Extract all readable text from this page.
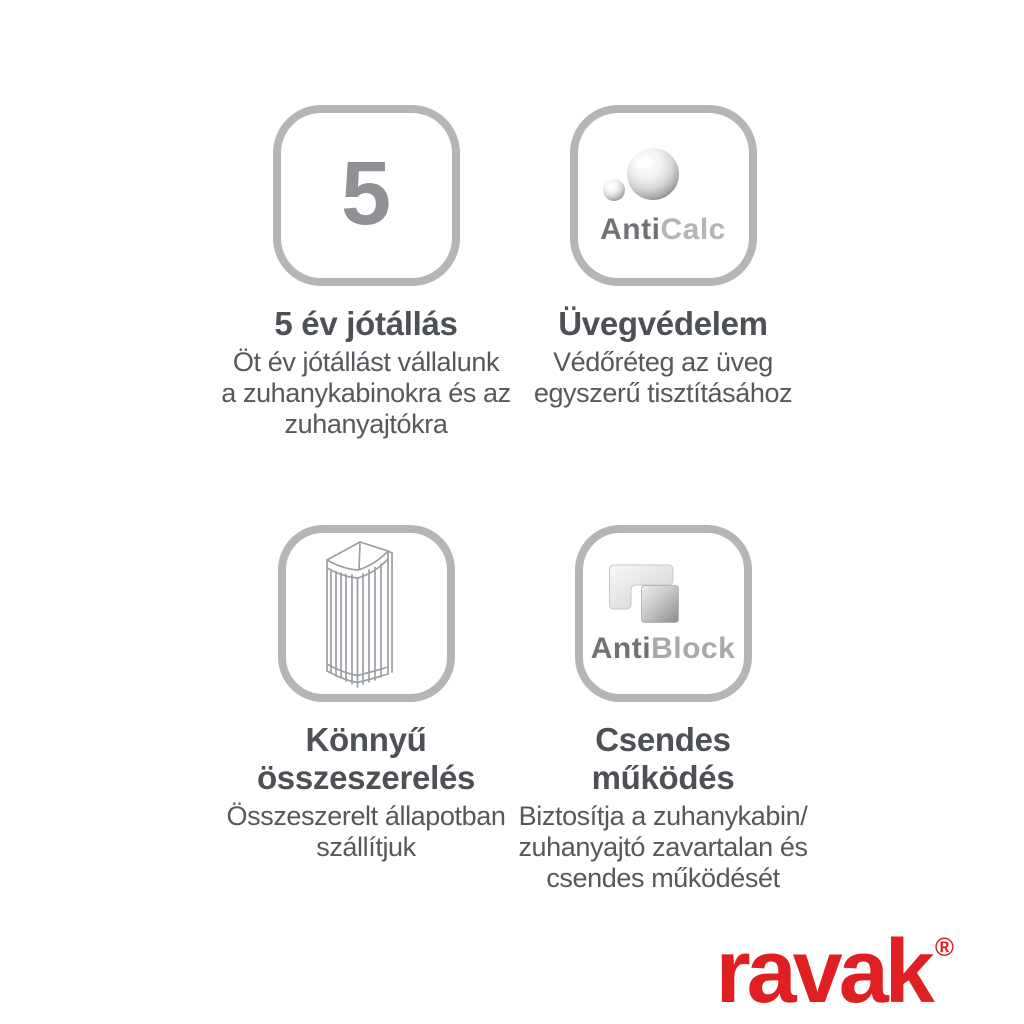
5
5 év jótállás
Öt év jótállást vállalunk
a zuhanykabinokra és az
zuhanyajtókra
AntiCalc
Üvegvédelem
Védőréteg az üveg
egyszerű tisztításához
Könnyű
összeszerelés
Összeszerelt állapotban
szállítjuk
AntiBlock
Csendes
működés
Biztosítja a zuhanykabin/
zuhanyajtó zavartalan és
csendes működését
ravak ®
